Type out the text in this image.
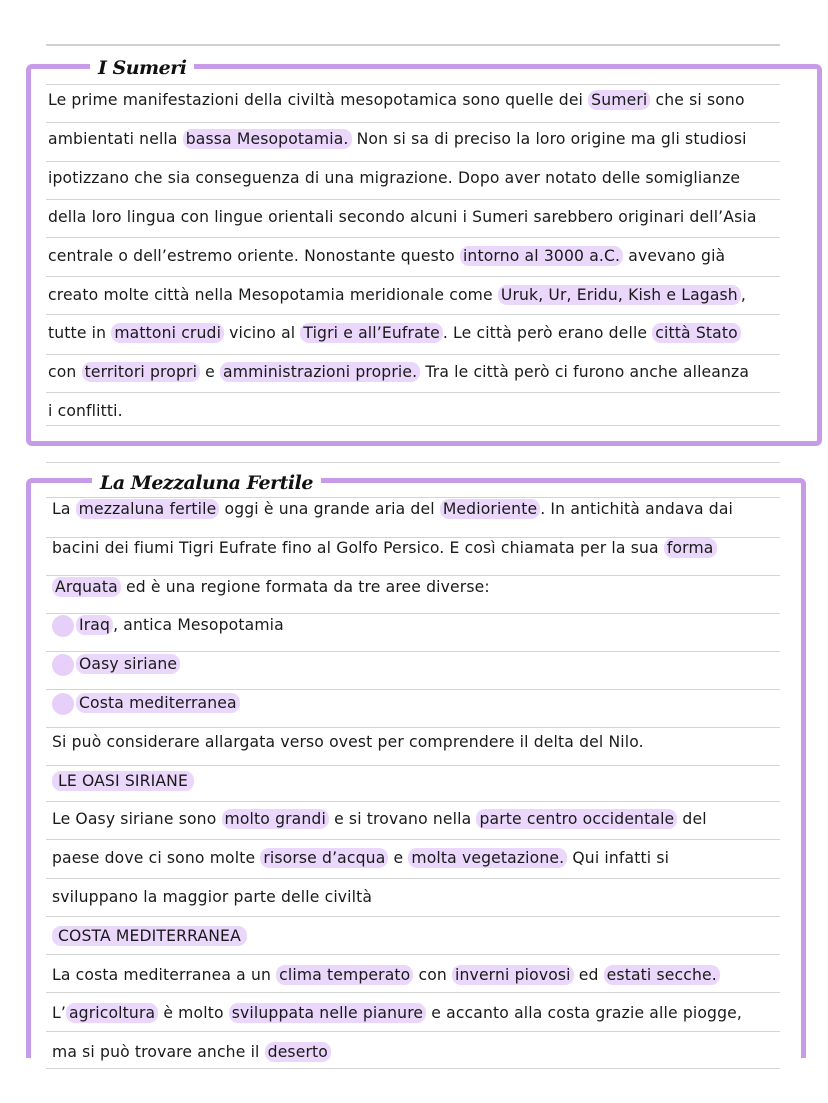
I Sumeri
Le prime manifestazioni della civiltà mesopotamica sono quelle dei Sumeri che si sono
ambientati nella bassa Mesopotamia. Non si sa di preciso la loro origine ma gli studiosi
ipotizzano che sia conseguenza di una migrazione. Dopo aver notato delle somiglianze
della loro lingua con lingue orientali secondo alcuni i Sumeri sarebbero originari dell’Asia
centrale o dell’estremo oriente. Nonostante questo intorno al 3000 a.C. avevano già
creato molte città nella Mesopotamia meridionale come Uruk, Ur, Eridu, Kish e Lagash ,
tutte in mattoni crudi vicino al Tigri e all’Eufrate . Le città però erano delle città Stato
con territori propri e amministrazioni proprie. Tra le città però ci furono anche alleanza
i conflitti.
La Mezzaluna Fertile
La mezzaluna fertile oggi è una grande aria del Medioriente . In antichità andava dai
bacini dei fiumi Tigri Eufrate fino al Golfo Persico. E così chiamata per la sua forma
Arquata ed è una regione formata da tre aree diverse:
Iraq , antica Mesopotamia
Oasy siriane
Costa mediterranea
Si può considerare allargata verso ovest per comprendere il delta del Nilo.
LE OASI SIRIANE
Le Oasy siriane sono molto grandi e si trovano nella parte centro occidentale del
paese dove ci sono molte risorse d’acqua e molta vegetazione. Qui infatti si
sviluppano la maggior parte delle civiltà
COSTA MEDITERRANEA
La costa mediterranea a un clima temperato con inverni piovosi ed estati secche.
L’ agricoltura è molto sviluppata nelle pianure e accanto alla costa grazie alle piogge,
ma si può trovare anche il deserto
